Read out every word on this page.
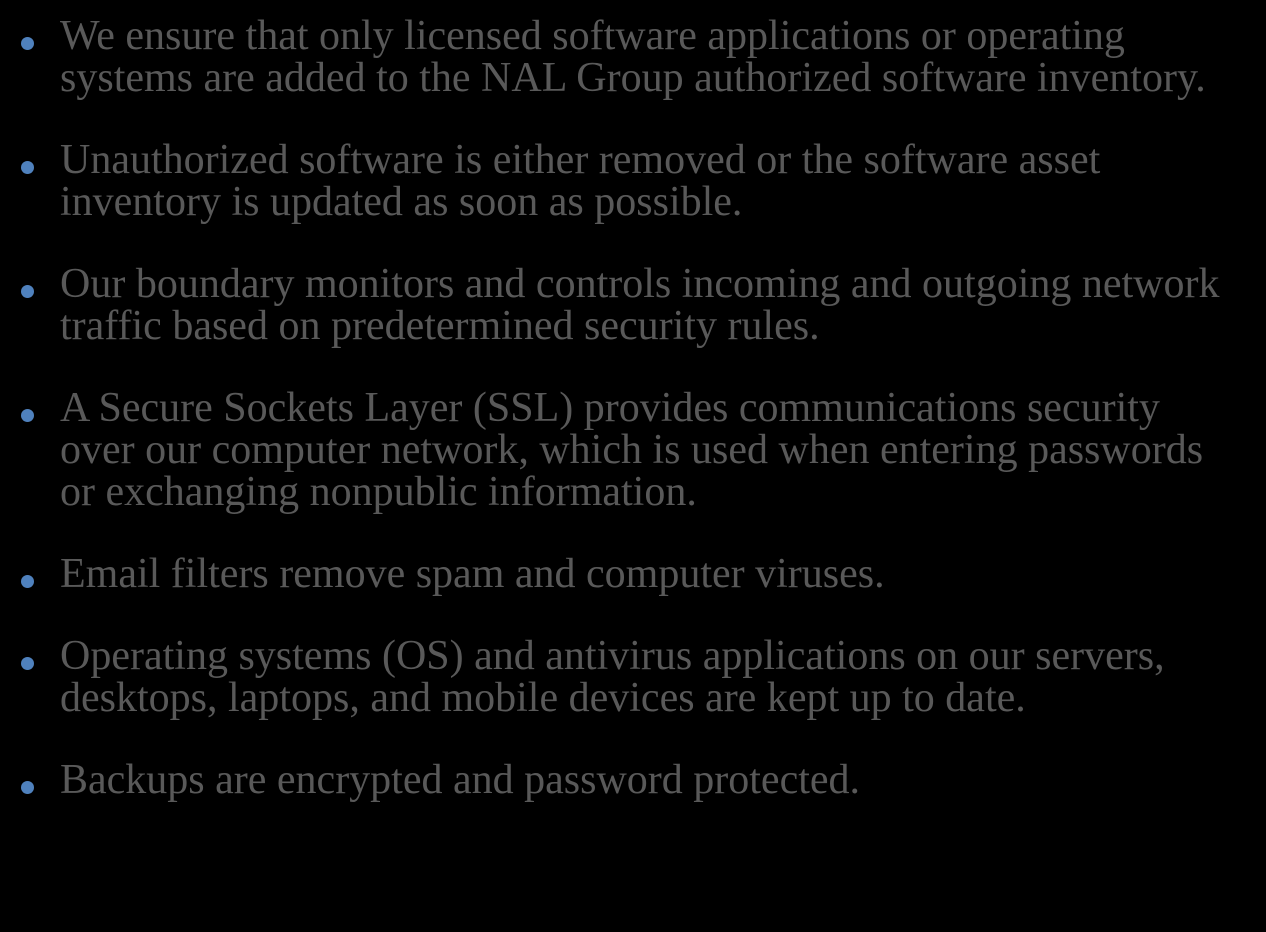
We ensure that only licensed software applications or operating systems are added to the NAL Group authorized software inventory.
Unauthorized software is either removed or the software asset inventory is updated as soon as possible.
Our boundary monitors and controls incoming and outgoing network traffic based on predetermined security rules.
A Secure Sockets Layer (SSL) provides communications security over our computer network, which is used when entering passwords or exchanging nonpublic information.
Email filters remove spam and computer viruses.
Operating systems (OS) and antivirus applications on our servers, desktops, laptops, and mobile devices are kept up to date.
Backups are encrypted and password protected.
